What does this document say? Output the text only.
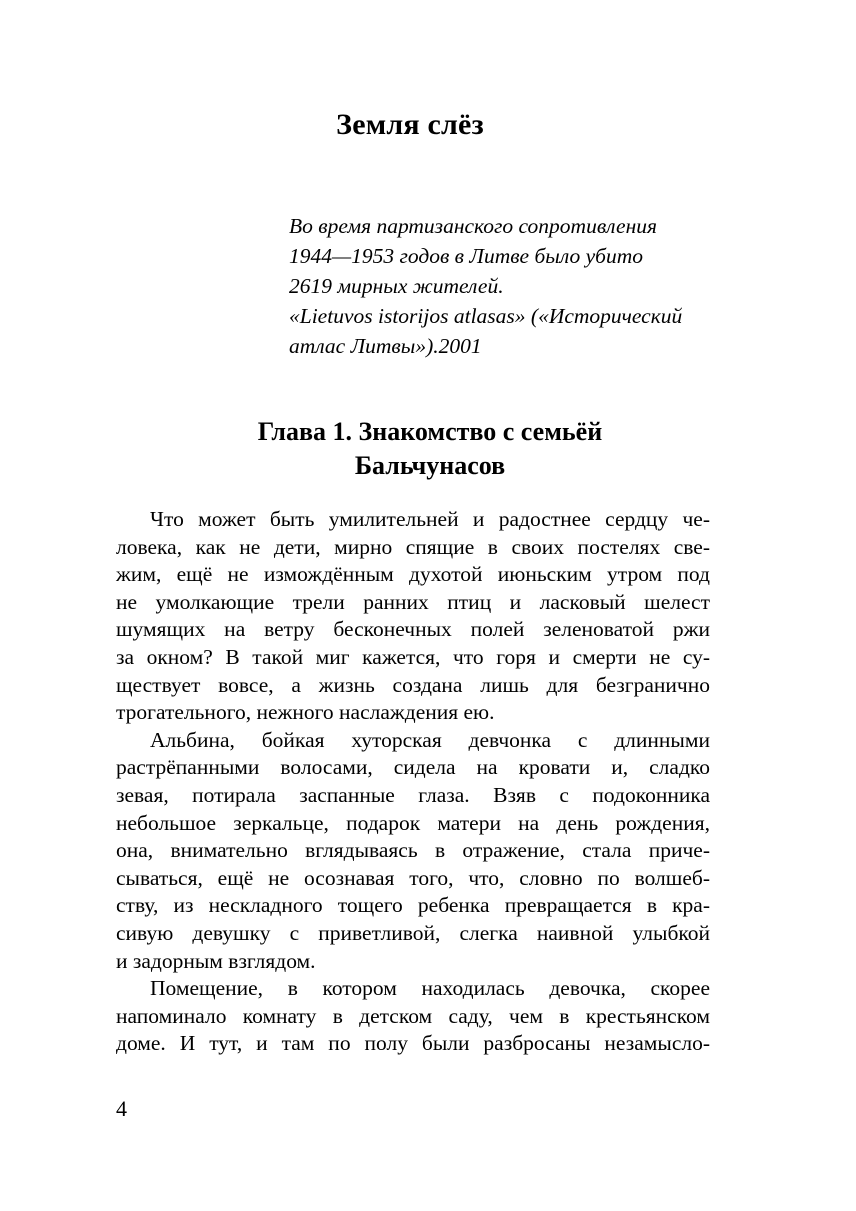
Земля слёз
Во время партизанского сопротивления
1944—1953 годов в Литве было убито
2619 мирных жителей.
«Lietuvos istorijos atlasas» («Исторический
атлас Литвы»).2001
Глава 1. Знакомство с семьёй
Бальчунасов
Что может быть умилительней и радостнее сердцу че-
ловека, как не дети, мирно спящие в своих постелях све-
жим, ещё не измождённым духотой июньским утром под
не умолкающие трели ранних птиц и ласковый шелест
шумящих на ветру бесконечных полей зеленоватой ржи
за окном? В такой миг кажется, что горя и смерти не су-
ществует вовсе, а жизнь создана лишь для безгранично
трогательного, нежного наслаждения ею.
Альбина, бойкая хуторская девчонка с длинными
растрёпанными волосами, сидела на кровати и, сладко
зевая, потирала заспанные глаза. Взяв с подоконника
небольшое зеркальце, подарок матери на день рождения,
она, внимательно вглядываясь в отражение, стала приче-
сываться, ещё не осознавая того, что, словно по волшеб-
ству, из нескладного тощего ребенка превращается в кра-
сивую девушку с приветливой, слегка наивной улыбкой
и задорным взглядом.
Помещение, в котором находилась девочка, скорее
напоминало комнату в детском саду, чем в крестьянском
доме. И тут, и там по полу были разбросаны незамысло-
4
